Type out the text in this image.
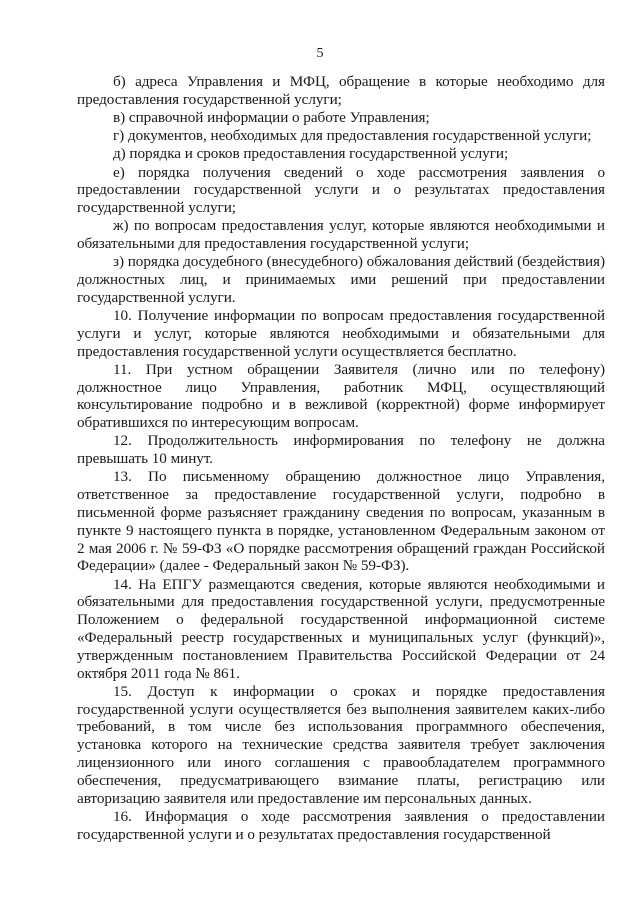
5

б) адреса Управления и МФЦ, обращение в которые необходимо для предоставления государственной услуги;

в) справочной информации о работе Управления;

г) документов, необходимых для предоставления государственной услуги;

д) порядка и сроков предоставления государственной услуги;

е) порядка получения сведений о ходе рассмотрения заявления о предоставлении государственной услуги и о результатах предоставления государственной услуги;

ж) по вопросам предоставления услуг, которые являются необходимыми и обязательными для предоставления государственной услуги;

з) порядка досудебного (внесудебного) обжалования действий (бездействия) должностных лиц, и принимаемых ими решений при предоставлении государственной услуги.

10. Получение информации по вопросам предоставления государственной услуги и услуг, которые являются необходимыми и обязательными для предоставления государственной услуги осуществляется бесплатно.

11. При устном обращении Заявителя (лично или по телефону) должностное лицо Управления, работник МФЦ, осуществляющий консультирование подробно и в вежливой (корректной) форме информирует обратившихся по интересующим вопросам.

12. Продолжительность информирования по телефону не должна превышать 10 минут.

13. По письменному обращению должностное лицо Управления, ответственное за предоставление государственной услуги, подробно в письменной форме разъясняет гражданину сведения по вопросам, указанным в пункте 9 настоящего пункта в порядке, установленном Федеральным законом от 2 мая 2006 г. № 59-ФЗ «О порядке рассмотрения обращений граждан Российской Федерации» (далее - Федеральный закон № 59-ФЗ).

14. На ЕПГУ размещаются сведения, которые являются необходимыми и обязательными для предоставления государственной услуги, предусмотренные Положением о федеральной государственной информационной системе «Федеральный реестр государственных и муниципальных услуг (функций)», утвержденным постановлением Правительства Российской Федерации от 24 октября 2011 года № 861.

15. Доступ к информации о сроках и порядке предоставления государственной услуги осуществляется без выполнения заявителем каких-либо требований, в том числе без использования программного обеспечения, установка которого на технические средства заявителя требует заключения лицензионного или иного соглашения с правообладателем программного обеспечения, предусматривающего взимание платы, регистрацию или авторизацию заявителя или предоставление им персональных данных.

16. Информация о ходе рассмотрения заявления о предоставлении государственной услуги и о результатах предоставления государственной
